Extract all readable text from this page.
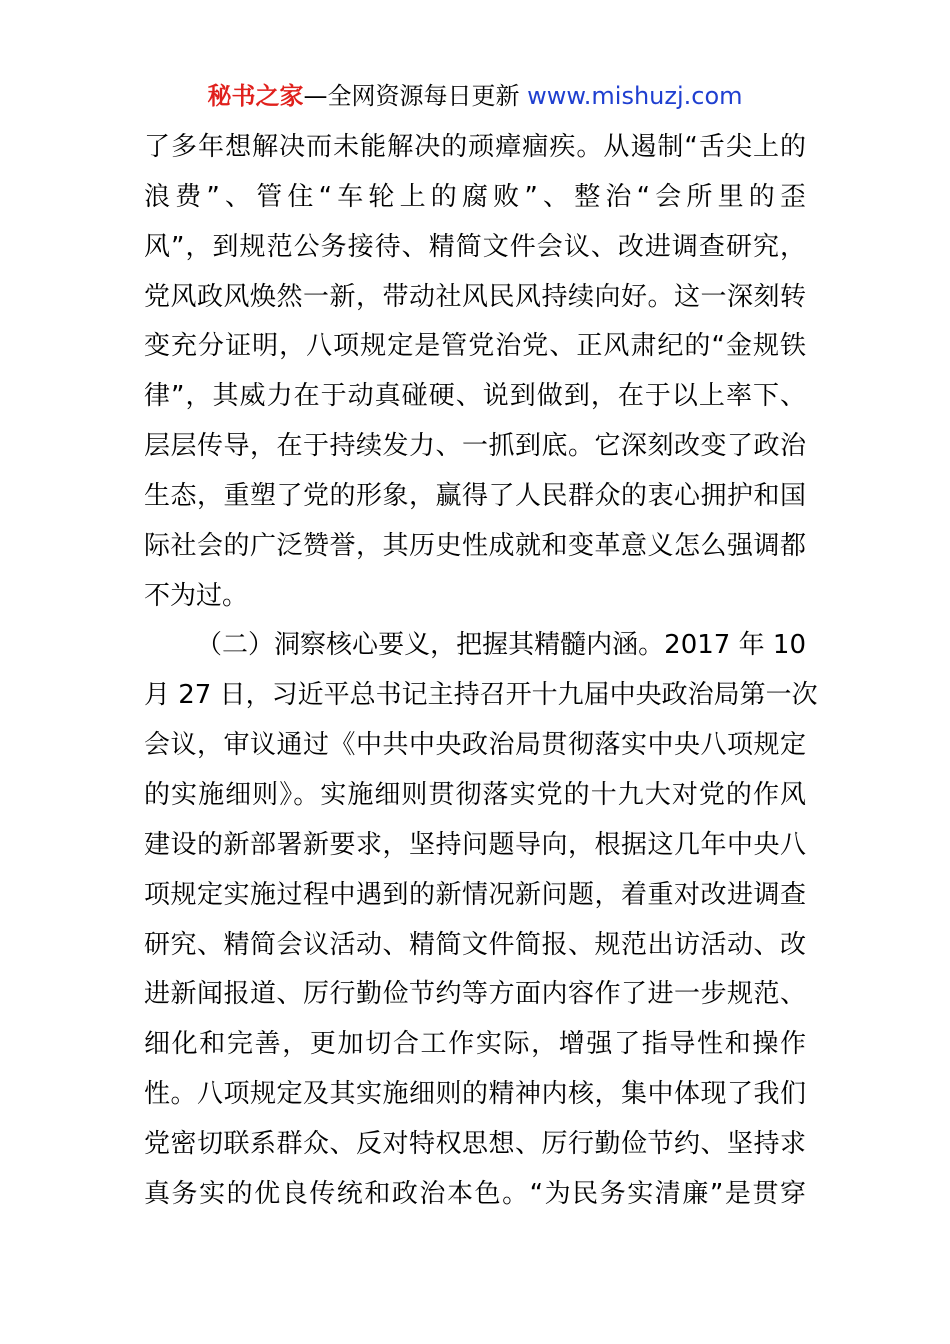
秘书之家—全网资源每日更新 www.mishuzj.com
了多年想解决而未能解决的顽瘴痼疾。从遏制“舌尖上的
浪费”、管住“车轮上的腐败”、整治“会所里的歪
风”，到规范公务接待、精简文件会议、改进调查研究，
党风政风焕然一新，带动社风民风持续向好。这一深刻转
变充分证明，八项规定是管党治党、正风肃纪的“金规铁
律”，其威力在于动真碰硬、说到做到，在于以上率下、
层层传导，在于持续发力、一抓到底。它深刻改变了政治
生态，重塑了党的形象，赢得了人民群众的衷心拥护和国
际社会的广泛赞誉，其历史性成就和变革意义怎么强调都
不为过。
（二）洞察核心要义，把握其精髓内涵。2017 年 10
月 27 日，习近平总书记主持召开十九届中央政治局第一次
会议，审议通过《中共中央政治局贯彻落实中央八项规定
的实施细则》。实施细则贯彻落实党的十九大对党的作风
建设的新部署新要求，坚持问题导向，根据这几年中央八
项规定实施过程中遇到的新情况新问题，着重对改进调查
研究、精简会议活动、精简文件简报、规范出访活动、改
进新闻报道、厉行勤俭节约等方面内容作了进一步规范、
细化和完善，更加切合工作实际，增强了指导性和操作
性。八项规定及其实施细则的精神内核，集中体现了我们
党密切联系群众、反对特权思想、厉行勤俭节约、坚持求
真务实的优良传统和政治本色。“为民务实清廉”是贯穿
